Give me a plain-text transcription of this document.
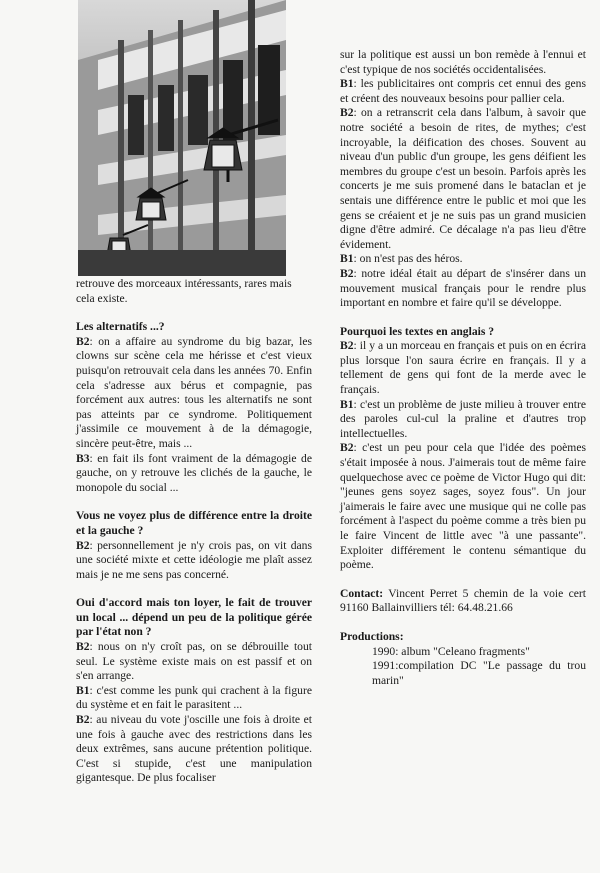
retrouve des morceaux intéressants, rares mais

cela existe.

Les alternatifs ...?

B2: on a affaire au syndrome du big bazar, les clowns sur scène cela me hérisse et c'est vieux puisqu'on retrouvait cela dans les années 70. Enfin cela s'adresse aux bérus et compagnie, pas forcément aux autres: tous les alternatifs ne sont pas atteints par ce syndrome. Politiquement j'assimile ce mouvement à de la démagogie, sincère peut-être, mais ...

B3: en fait ils font vraiment de la démagogie de gauche, on y retrouve les clichés de la gauche, le monopole du social ...

Vous ne voyez plus de différence entre la droite et la gauche ?

B2: personnellement je n'y crois pas, on vit dans une société mixte et cette idéologie me plaît assez mais je ne me sens pas concerné.

Oui d'accord mais ton loyer, le fait de trouver un local ... dépend un peu de la politique gérée par l'état non ?

B2: nous on n'y croît pas, on se débrouille tout seul. Le système existe mais on est passif et on s'en arrange.

B1: c'est comme les punk qui crachent à la figure du système et en fait le parasitent ...

B2: au niveau du vote j'oscille une fois à droite et une fois à gauche avec des restrictions dans les deux extrêmes, sans aucune prétention politique. C'est si stupide, c'est une manipulation gigantesque. De plus focaliser

sur la politique est aussi un bon remède à l'ennui et c'est typique de nos sociétés occidentalisées.

B1: les publicitaires ont compris cet ennui des gens et créent des nouveaux besoins pour pallier cela.

B2: on a retranscrit cela dans l'album, à savoir que notre société a besoin de rites, de mythes; c'est incroyable, la déification des choses. Souvent au niveau d'un public d'un groupe, les gens déifient les membres du groupe c'est un besoin. Parfois après les concerts je me suis promené dans le bataclan et je sentais une différence entre le public et moi que les gens se créaient et je ne suis pas un grand musicien digne d'être admiré. Ce décalage n'a pas lieu d'être évidement.

B1: on n'est pas des héros.

B2: notre idéal était au départ de s'insérer dans un mouvement musical français pour le rendre plus important en nombre et faire qu'il se développe.

Pourquoi les textes en anglais ?

B2: il y a un morceau en français et puis on en écrira plus lorsque l'on saura écrire en français. Il y a tellement de gens qui font de la merde avec le français.

B1: c'est un problème de juste milieu à trouver entre des paroles cul-cul la praline et d'autres trop intellectuelles.

B2: c'est un peu pour cela que l'idée des poèmes s'était imposée à nous. J'aimerais tout de même faire quelquechose avec ce poème de Victor Hugo qui dit: "jeunes gens soyez sages, soyez fous". Un jour j'aimerais le faire avec une musique qui ne colle pas forcément à l'aspect du poème comme a très bien pu le faire Vincent de little avec "à une passante". Exploiter différement le contenu sémantique du poème.

Contact: Vincent Perret 5 chemin de la voie cert 91160 Ballainvilliers tél: 64.48.21.66

Productions:

1990: album "Celeano fragments"

1991:compilation DC "Le passage du trou marin"
